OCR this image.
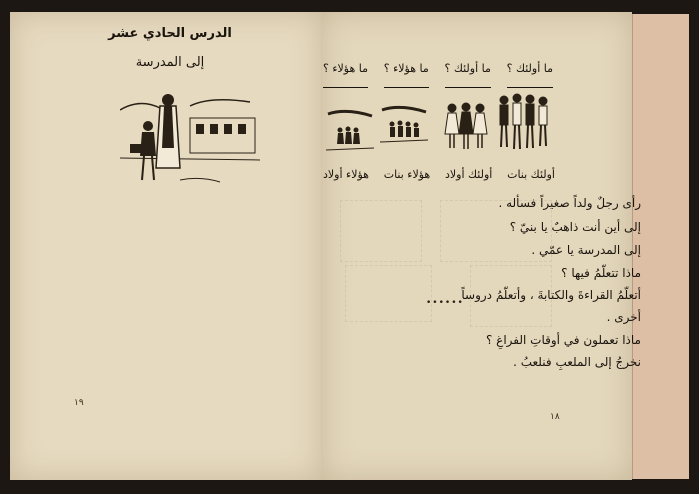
الدرس الحادي عشر
إلى المدرسة
رأى رجلٌ ولداً صغيراً فسأله .
إلى أين أنت ذاهبٌ يا بنيّ ؟
إلى المدرسة يا عمّي .
ماذا تتعلّمُ فيها ؟
أتعلّمُ القراءةَ والكتابةَ ، وأتعلّمُ دروساً
أخرى .
ماذا تعملون في أوقاتِ الفراغِ ؟
نخرجُ إلى الملعبِ فنلعبُ .
١٩
ما هؤلاء ؟ ما هؤلاء ؟ ما أولئك ؟ ما أولئك ؟
هؤلاء أولاد هؤلاء بنات أولئك أولاد أولئك بنات
••••••
١٨
